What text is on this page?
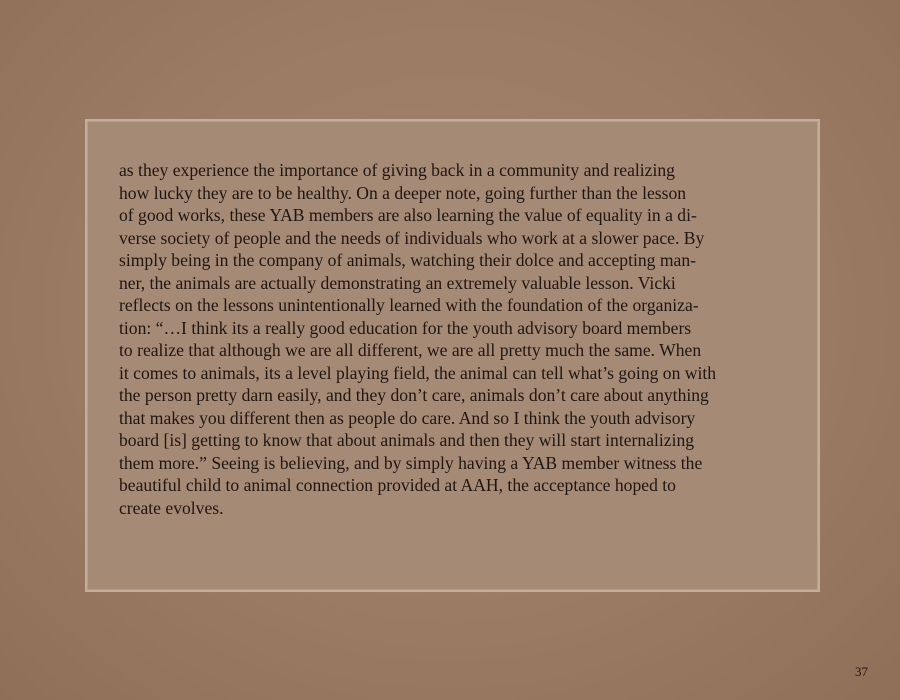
as they experience the importance of giving back in a community and realizing
how lucky they are to be healthy. On a deeper note, going further than the lesson
of good works, these YAB members are also learning the value of equality in a di-
verse society of people and the needs of individuals who work at a slower pace. By
simply being in the company of animals, watching their dolce and accepting man-
ner, the animals are actually demonstrating an extremely valuable lesson. Vicki
reflects on the lessons unintentionally learned with the foundation of the organiza-
tion: “…I think its a really good education for the youth advisory board members
to realize that although we are all different, we are all pretty much the same. When
it comes to animals, its a level playing field, the animal can tell what’s going on with
the person pretty darn easily, and they don’t care, animals don’t care about anything
that makes you different then as people do care. And so I think the youth advisory
board [is] getting to know that about animals and then they will start internalizing
them more.” Seeing is believing, and by simply having a YAB member witness the
beautiful child to animal connection provided at AAH, the acceptance hoped to
create evolves.

37
